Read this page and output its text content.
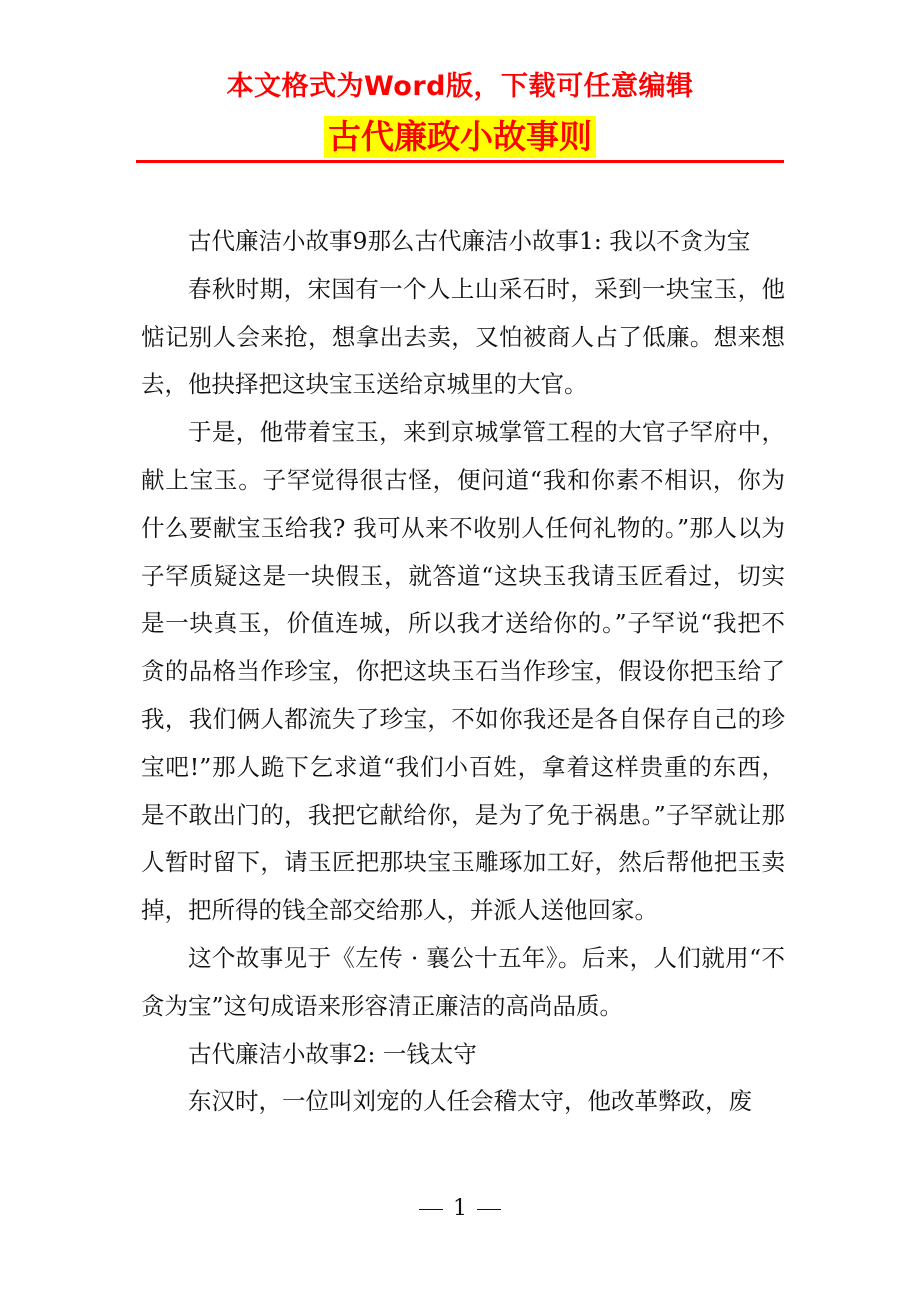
本文格式为Word版，下载可任意编辑
古代廉政小故事则

古代廉洁小故事9那么古代廉洁小故事1: 我以不贪为宝

春秋时期，宋国有一个人上山采石时，采到一块宝玉，他惦记别人会来抢，想拿出去卖，又怕被商人占了低廉。想来想去，他抉择把这块宝玉送给京城里的大官。

于是，他带着宝玉，来到京城掌管工程的大官子罕府中，献上宝玉。子罕觉得很古怪，便问道“我和你素不相识，你为什么要献宝玉给我? 我可从来不收别人任何礼物的。”那人以为子罕质疑这是一块假玉，就答道“这块玉我请玉匠看过，切实是一块真玉，价值连城，所以我才送给你的。”子罕说“我把不贪的品格当作珍宝，你把这块玉石当作珍宝，假设你把玉给了我，我们俩人都流失了珍宝，不如你我还是各自保存自己的珍宝吧!”那人跪下乞求道“我们小百姓，拿着这样贵重的东西，是不敢出门的，我把它献给你，是为了免于祸患。”子罕就让那人暂时留下，请玉匠把那块宝玉雕琢加工好，然后帮他把玉卖掉，把所得的钱全部交给那人，并派人送他回家。

这个故事见于《左传 · 襄公十五年》。后来，人们就用“不贪为宝”这句成语来形容清正廉洁的高尚品质。

古代廉洁小故事2: 一钱太守

东汉时，一位叫刘宠的人任会稽太守，他改革弊政，废

1
